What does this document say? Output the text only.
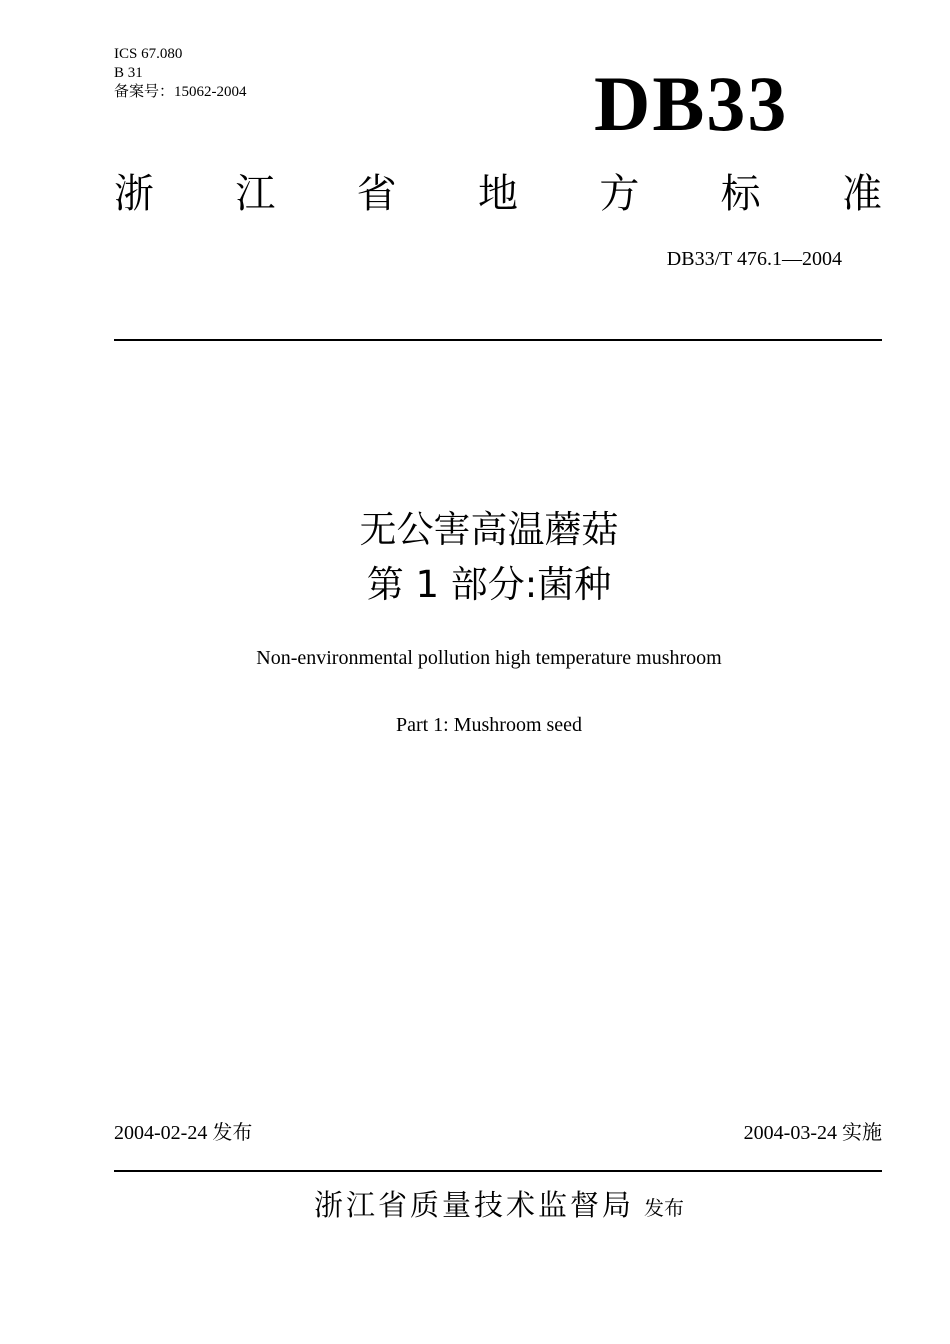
ICS 67.080
B 31
备案号：15062-2004	DB33
浙 江 省 地 方 标 准
DB33/T 476.1—2004
无公害高温蘑菇
第 1 部分:菌种
Non-environmental pollution high temperature mushroom
Part 1: Mushroom seed
2004-02-24 发布	2004-03-24 实施
浙江省质量技术监督局 发布
